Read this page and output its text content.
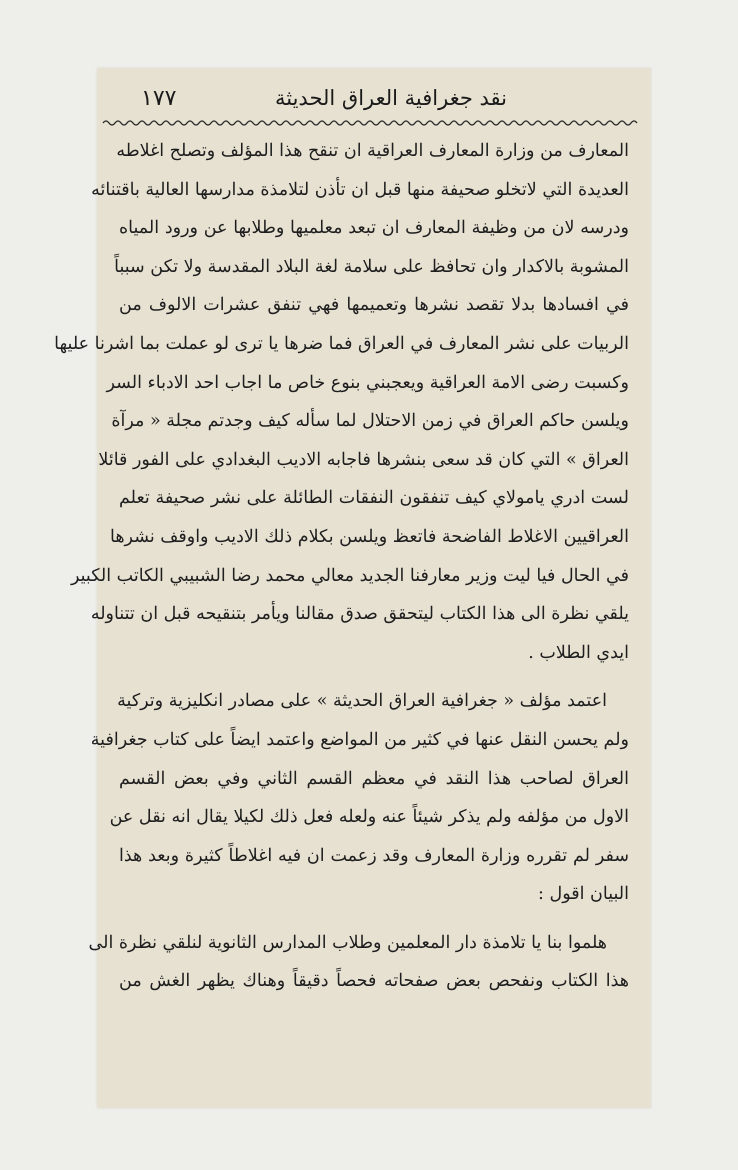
نقد جغرافية العراق الحديثة
١٧٧
المعارف من وزارة المعارف العراقية ان تنقح هذا المؤلف وتصلح اغلاطه
العديدة التي لاتخلو صحيفة منها قبل ان تأذن لتلامذة مدارسها العالية باقتنائه
ودرسه لان من وظيفة المعارف ان تبعد معلميها وطلابها عن ورود المياه
المشوبة بالاكدار وان تحافظ على سلامة لغة البلاد المقدسة ولا تكن سبباً
في افسادها بدلا تقصد نشرها وتعميمها فهي تنفق عشرات الالوف من
الربيات على نشر المعارف في العراق فما ضرها يا ترى لو عملت بما اشرنا عليها
وكسبت رضى الامة العراقية ويعجبني بنوع خاص ما اجاب احد الادباء السر
ويلسن حاكم العراق في زمن الاحتلال لما سأله كيف وجدتم مجلة « مرآة
العراق » التي كان قد سعى بنشرها فاجابه الاديب البغدادي على الفور قائلا
لست ادري يامولاي كيف تنفقون النفقات الطائلة على نشر صحيفة تعلم
العراقيين الاغلاط الفاضحة فاتعظ ويلسن بكلام ذلك الاديب واوقف نشرها
في الحال فيا ليت وزير معارفنا الجديد معالي محمد رضا الشبيبي الكاتب الكبير
يلقي نظرة الى هذا الكتاب ليتحقق صدق مقالنا ويأمر بتنقيحه قبل ان تتناوله
ايدي الطلاب .
اعتمد مؤلف « جغرافية العراق الحديثة » على مصادر انكليزية وتركية
ولم يحسن النقل عنها في كثير من المواضع واعتمد ايضاً على كتاب جغرافية
العراق لصاحب هذا النقد في معظم القسم الثاني وفي بعض القسم
الاول من مؤلفه ولم يذكر شيئاً عنه ولعله فعل ذلك لكيلا يقال انه نقل عن
سفر لم تقرره وزارة المعارف وقد زعمت ان فيه اغلاطاً كثيرة وبعد هذا
البيان اقول :
هلموا بنا يا تلامذة دار المعلمين وطلاب المدارس الثانوية لنلقي نظرة الى
هذا الكتاب ونفحص بعض صفحاته فحصاً دقيقاً وهناك يظهر الغش من
